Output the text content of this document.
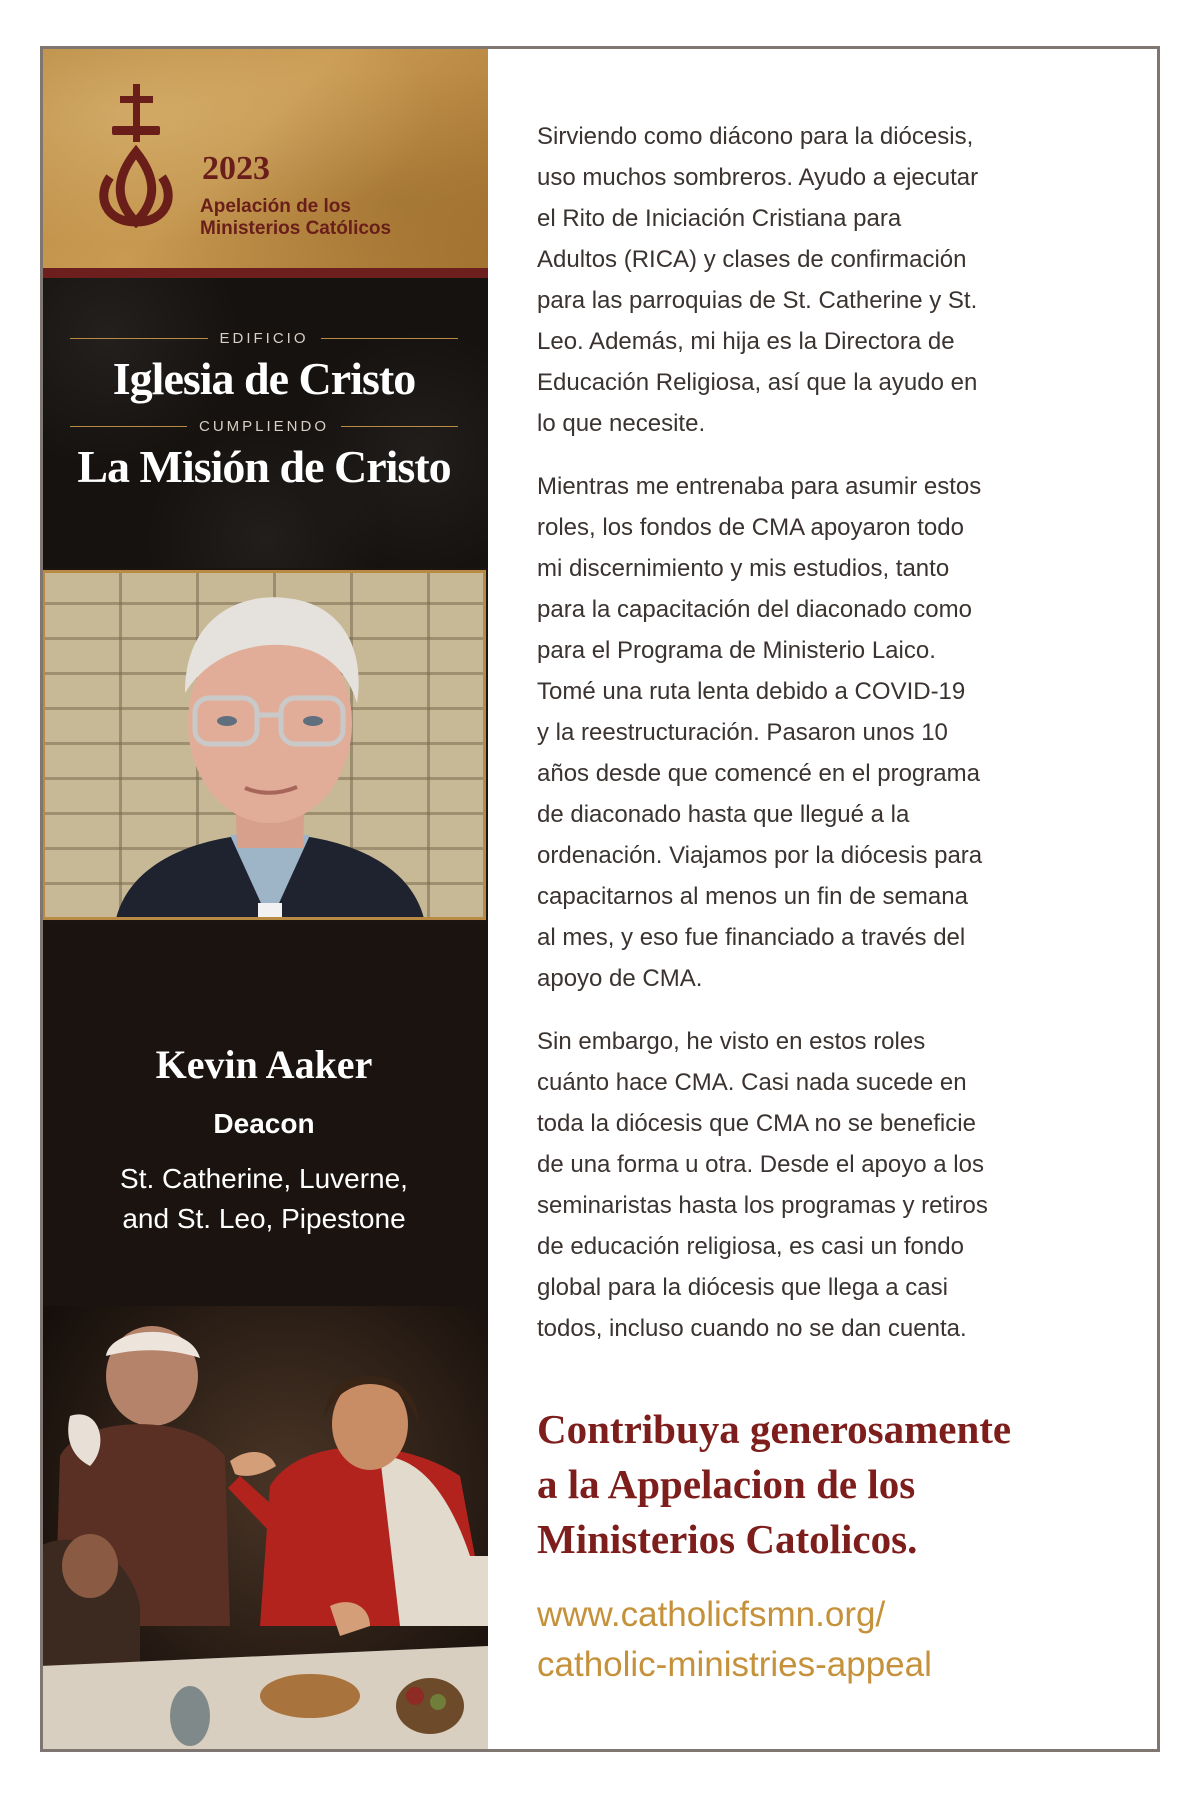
2023
Apelación de los
Ministerios Católicos
EDIFICIO
Iglesia de Cristo
CUMPLIENDO
La Misión de Cristo
Kevin Aaker
Deacon
St. Catherine, Luverne,
and St. Leo, Pipestone
Sirviendo como diácono para la diócesis,
uso muchos sombreros. Ayudo a ejecutar
el Rito de Iniciación Cristiana para
Adultos (RICA) y clases de confirmación
para las parroquias de St. Catherine y St.
Leo. Además, mi hija es la Directora de
Educación Religiosa, así que la ayudo en
lo que necesite.
Mientras me entrenaba para asumir estos
roles, los fondos de CMA apoyaron todo
mi discernimiento y mis estudios, tanto
para la capacitación del diaconado como
para el Programa de Ministerio Laico.
Tomé una ruta lenta debido a COVID-19
y la reestructuración. Pasaron unos 10
años desde que comencé en el programa
de diaconado hasta que llegué a la
ordenación. Viajamos por la diócesis para
capacitarnos al menos un fin de semana
al mes, y eso fue financiado a través del
apoyo de CMA.
Sin embargo, he visto en estos roles
cuánto hace CMA. Casi nada sucede en
toda la diócesis que CMA no se beneficie
de una forma u otra. Desde el apoyo a los
seminaristas hasta los programas y retiros
de educación religiosa, es casi un fondo
global para la diócesis que llega a casi
todos, incluso cuando no se dan cuenta.
Contribuya generosamente
a la Appelacion de los
Ministerios Catolicos.
www.catholicfsmn.org/
catholic-ministries-appeal
